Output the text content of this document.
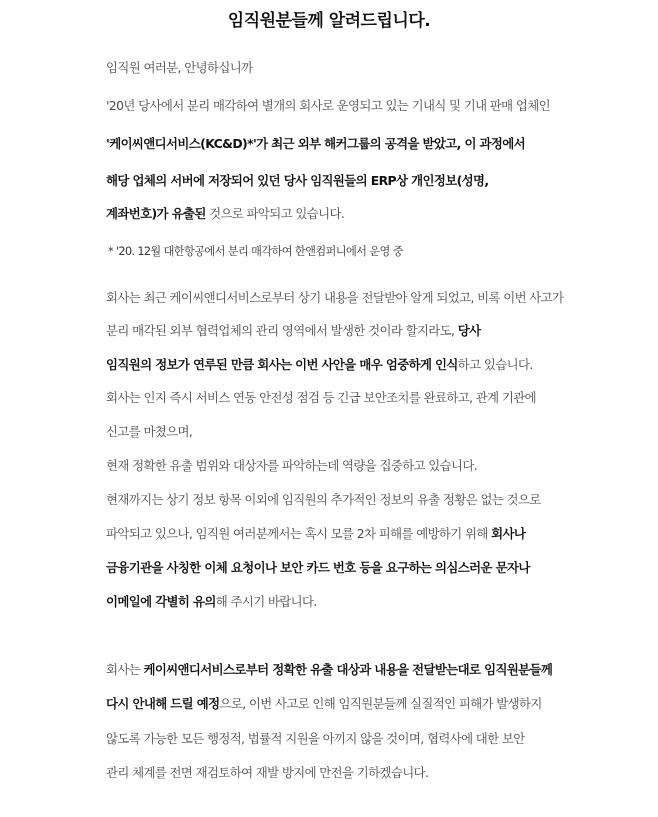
임직원분들께 알려드립니다.
임직원 여러분, 안녕하십니까
'20년 당사에서 분리 매각하여 별개의 회사로 운영되고 있는 기내식 및 기내 판매 업체인
'케이씨앤디서비스(KC&D)*'가 최근 외부 해커그룹의 공격을 받았고, 이 과정에서
해당 업체의 서버에 저장되어 있던 당사 임직원들의 ERP상 개인정보(성명,
계좌번호)가 유출된 것으로 파악되고 있습니다.
* '20. 12월 대한항공에서 분리 매각하여 한앤컴퍼니에서 운영 중
회사는 최근 케이씨앤디서비스로부터 상기 내용을 전달받아 알게 되었고, 비록 이번 사고가
분리 매각된 외부 협력업체의 관리 영역에서 발생한 것이라 할지라도, 당사
임직원의 정보가 연루된 만큼 회사는 이번 사안을 매우 엄중하게 인식하고 있습니다.
회사는 인지 즉시 서비스 연동 안전성 점검 등 긴급 보안조치를 완료하고, 관계 기관에
신고를 마쳤으며,
현재 정확한 유출 범위와 대상자를 파악하는데 역량을 집중하고 있습니다.
현재까지는 상기 정보 항목 이외에 임직원의 추가적인 정보의 유출 정황은 없는 것으로
파악되고 있으나, 임직원 여러분께서는 혹시 모를 2차 피해를 예방하기 위해 회사나
금융기관을 사칭한 이체 요청이나 보안 카드 번호 등을 요구하는 의심스러운 문자나
이메일에 각별히 유의해 주시기 바랍니다.
회사는 케이씨앤디서비스로부터 정확한 유출 대상과 내용을 전달받는대로 임직원분들께
다시 안내해 드릴 예정으로, 이번 사고로 인해 임직원분들께 실질적인 피해가 발생하지
않도록 가능한 모든 행정적, 법률적 지원을 아끼지 않을 것이며, 협력사에 대한 보안
관리 체계를 전면 재검토하여 재발 방지에 만전을 기하겠습니다.
